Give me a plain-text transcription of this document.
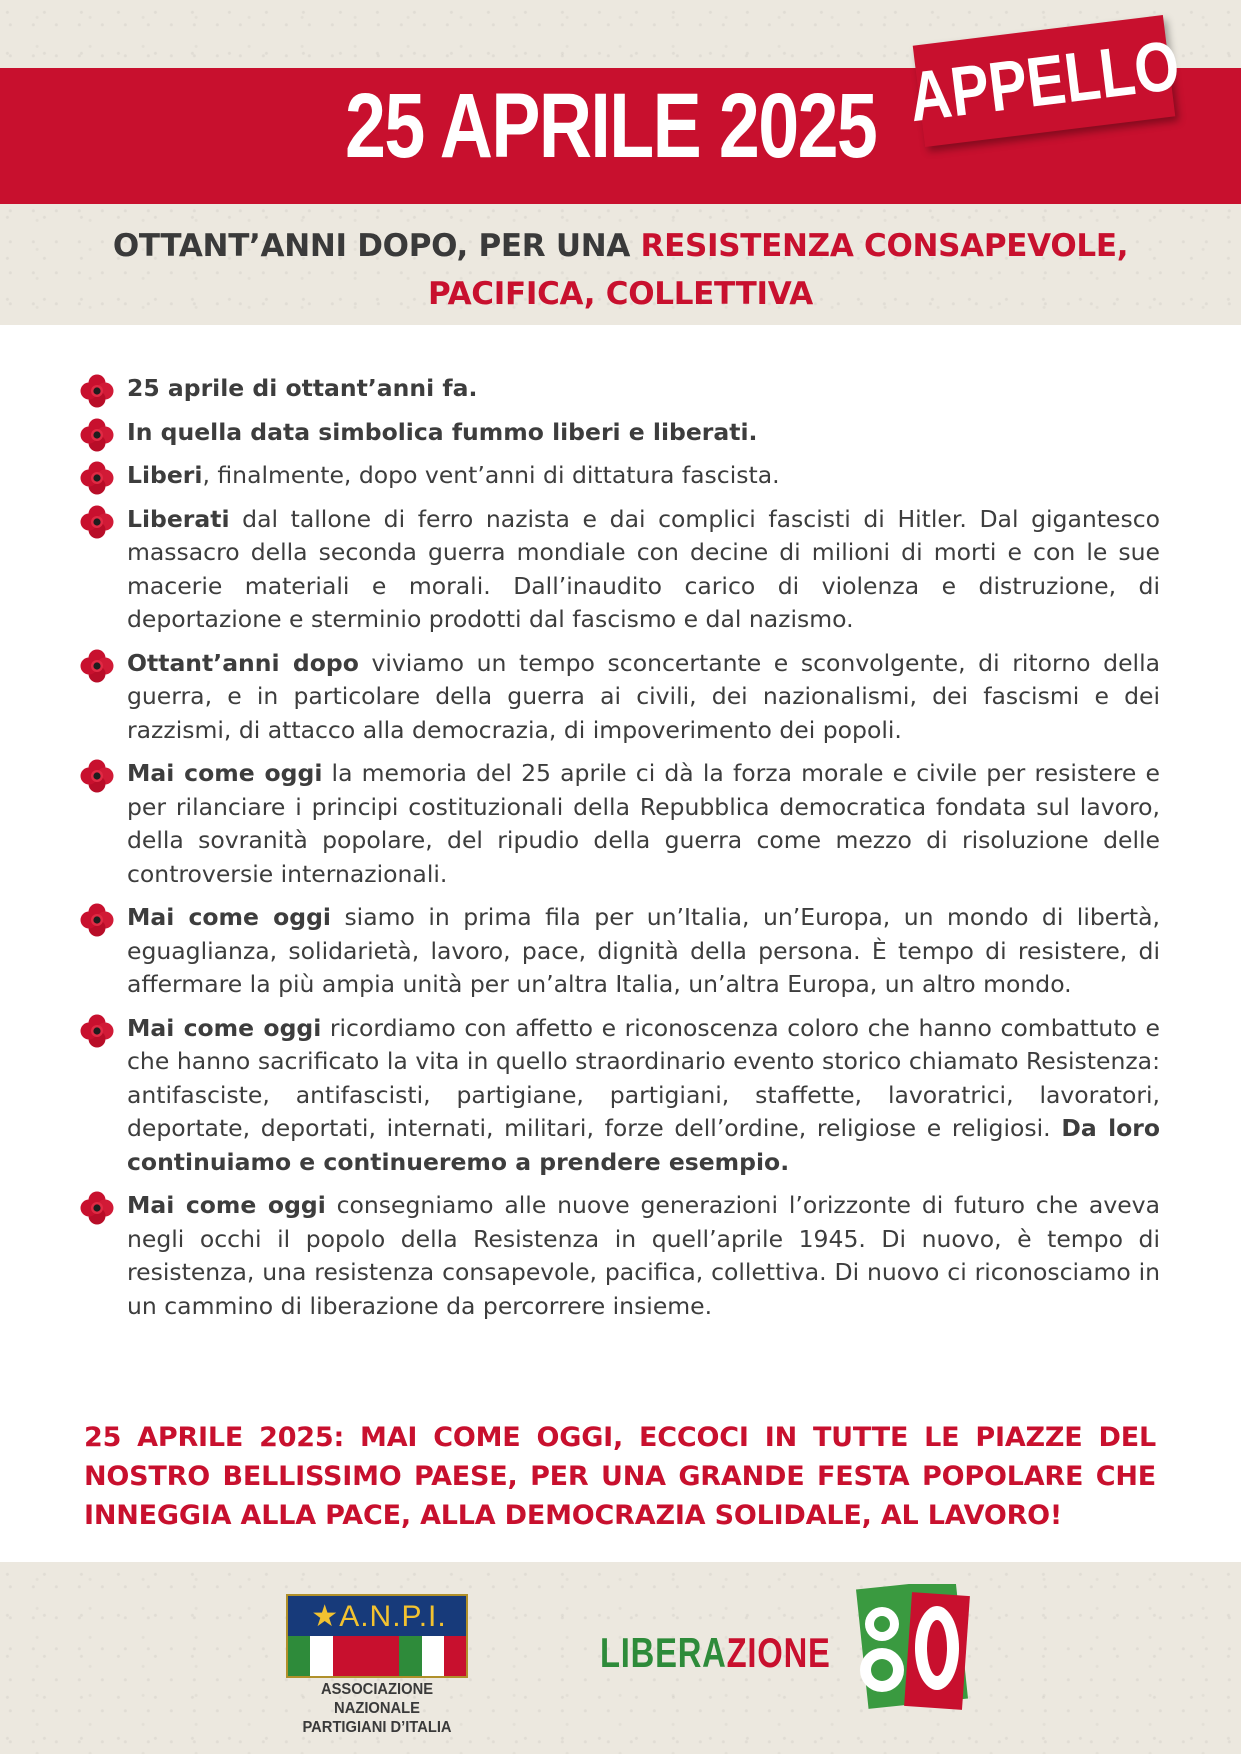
25 APRILE 2025 APPELLO
OTTANT’ANNI DOPO, PER UNA RESISTENZA CONSAPEVOLE,
PACIFICA, COLLETTIVA
25 aprile di ottant’anni fa.
In quella data simbolica fummo liberi e liberati.
Liberi, finalmente, dopo vent’anni di dittatura fascista.
Liberati dal tallone di ferro nazista e dai complici fascisti di Hitler. Dal gigantesco massacro della seconda guerra mondiale con decine di milioni di morti e con le sue macerie materiali e morali. Dall’inaudito carico di violenza e distruzione, di deportazione e sterminio prodotti dal fascismo e dal nazismo.
Ottant’anni dopo viviamo un tempo sconcertante e sconvolgente, di ritorno della guerra, e in particolare della guerra ai civili, dei nazionalismi, dei fascismi e dei razzismi, di attacco alla democrazia, di impoverimento dei popoli.
Mai come oggi la memoria del 25 aprile ci dà la forza morale e civile per resistere e per rilanciare i principi costituzionali della Repubblica democratica fondata sul lavoro, della sovranità popolare, del ripudio della guerra come mezzo di risoluzione delle controversie internazionali.
Mai come oggi siamo in prima fila per un’Italia, un’Europa, un mondo di libertà, eguaglianza, solidarietà, lavoro, pace, dignità della persona. È tempo di resistere, di affermare la più ampia unità per un’altra Italia, un’altra Europa, un altro mondo.
Mai come oggi ricordiamo con affetto e riconoscenza coloro che hanno combattuto e che hanno sacrificato la vita in quello straordinario evento storico chiamato Resistenza: antifasciste, antifascisti, partigiane, partigiani, staffette, lavoratrici, lavoratori, deportate, deportati, internati, militari, forze dell’ordine, religiose e religiosi. Da loro continuiamo e continueremo a prendere esempio.
Mai come oggi consegniamo alle nuove generazioni l’orizzonte di futuro che aveva negli occhi il popolo della Resistenza in quell’aprile 1945. Di nuovo, è tempo di resistenza, una resistenza consapevole, pacifica, collettiva. Di nuovo ci riconosciamo in un cammino di liberazione da percorrere insieme.
25 APRILE 2025: MAI COME OGGI, ECCOCI IN TUTTE LE PIAZZE DEL NOSTRO BELLISSIMO PAESE, PER UNA GRANDE FESTA POPOLARE CHE INNEGGIA ALLA PACE, ALLA DEMOCRAZIA SOLIDALE, AL LAVORO!
★A.N.P.I.
ASSOCIAZIONE NAZIONALE
PARTIGIANI D’ITALIA
LIBERAZIONE
